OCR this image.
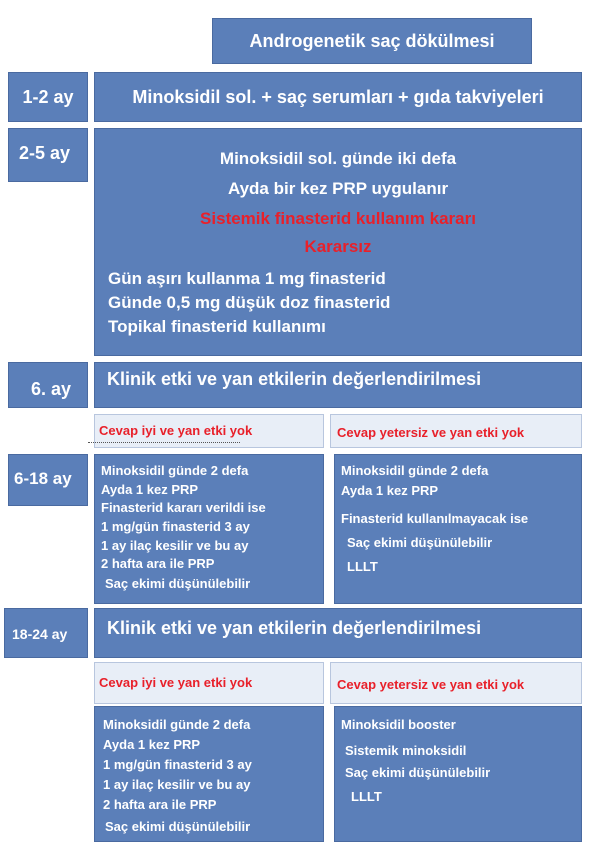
Androgenetik saç dökülmesi
1-2 ay	Minoksidil sol. + saç serumları + gıda takviyeleri
2-5 ay	Minoksidil sol. günde iki defa
Ayda bir kez PRP uygulanır
Sistemik finasterid kullanım kararı
Kararsız
Gün aşırı kullanma 1 mg finasterid
Günde 0,5 mg düşük doz finasterid
Topikal finasterid kullanımı
6. ay Klinik etki ve yan etkilerin değerlendirilmesi
Cevap iyi ve yan etki yok	Cevap yetersiz ve yan etki yok
6-18 ay Minoksidil günde 2 defa
Ayda 1 kez PRP
Finasterid kararı verildi ise
1 mg/gün finasterid 3 ay
1 ay ilaç kesilir ve bu ay
2 hafta ara ile PRP
Saç ekimi düşünülebilir
Minoksidil günde 2 defa
Ayda 1 kez PRP
Finasterid kullanılmayacak ise
Saç ekimi düşünülebilir
LLLT
18-24 ay Klinik etki ve yan etkilerin değerlendirilmesi
Cevap iyi ve yan etki yok	Cevap yetersiz ve yan etki yok
Minoksidil günde 2 defa
Ayda 1 kez PRP
1 mg/gün finasterid 3 ay
1 ay ilaç kesilir ve bu ay
2 hafta ara ile PRP
Saç ekimi düşünülebilir
Minoksidil booster
Sistemik minoksidil
Saç ekimi düşünülebilir
LLLT
